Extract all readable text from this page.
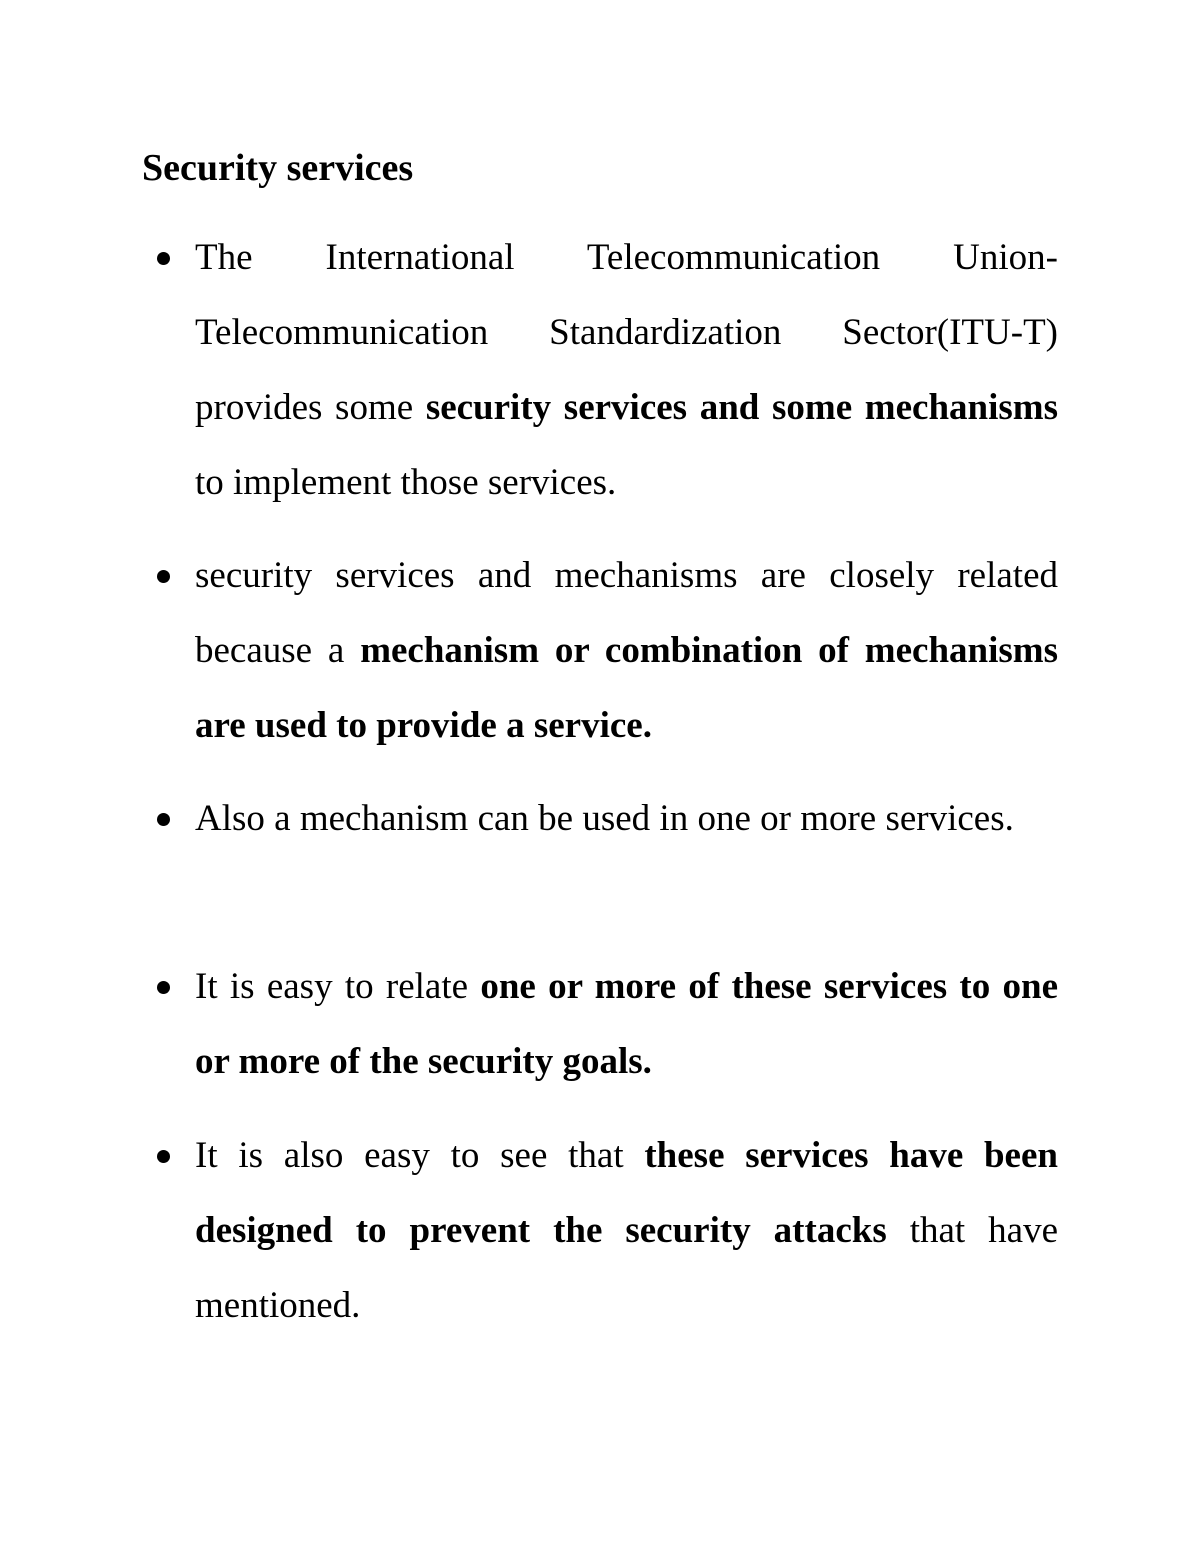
Security services
The International Telecommunication Union-Telecommunication Standardization Sector(ITU-T) provides some security services and some mechanisms to implement those services.
security services and mechanisms are closely related because a mechanism or combination of mechanisms are used to provide a service.
Also a mechanism can be used in one or more services.
It is easy to relate one or more of these services to one or more of the security goals.
It is also easy to see that these services have been designed to prevent the security attacks that have mentioned.
